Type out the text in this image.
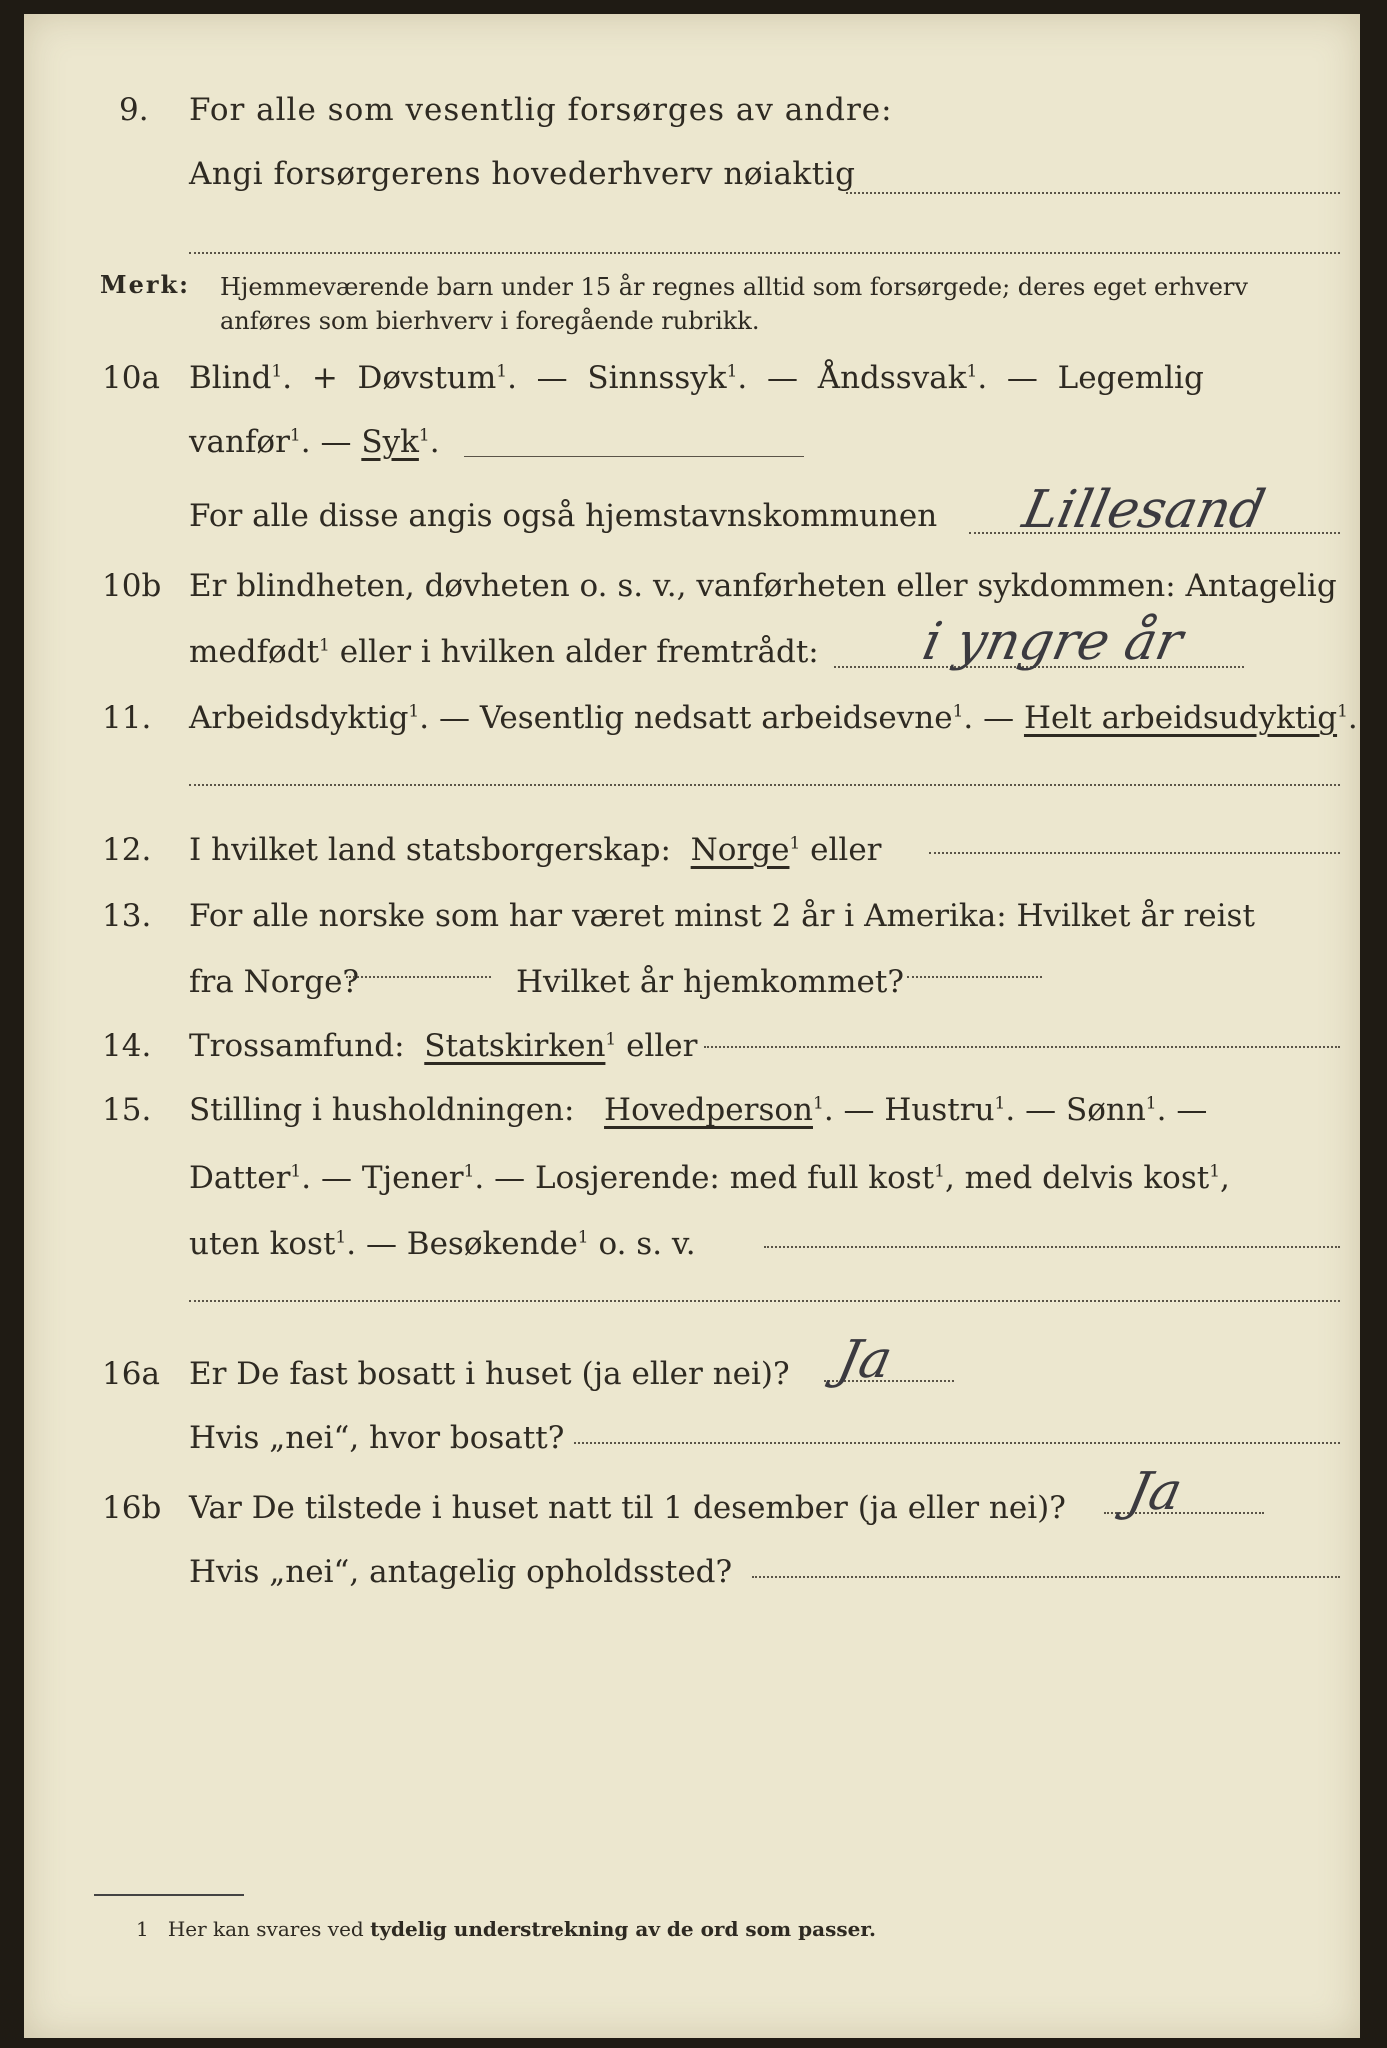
9. For alle som vesentlig forsørges av andre:
Angi forsørgerens hovederhverv nøiaktig
Merk: Hjemmeværende barn under 15 år regnes alltid som forsørgede; deres eget erhverv
anføres som bierhverv i foregående rubrikk.
10a Blind$^1$.  +  Døvstum$^1$.  — Sinnssyk$^1$.  — Åndssvak$^1$.  — Legemlig
vanfør$^1$. — Syk$^1$.
For alle disse angis også hjemstavnskommunen Lillesand
10b Er blindheten, døvheten o. s. v., vanførheten eller sykdommen: Antagelig
medfødt$^1$ eller i hvilken alder fremtrådt: i yngre år
11. Arbeidsdyktig$^1$. — Vesentlig nedsatt arbeidsevne$^1$. — Helt arbeidsudyktig$^1$.
12. I hvilket land statsborgerskap: Norge$^1$ eller
13. For alle norske som har været minst 2 år i Amerika: Hvilket år reist
fra Norge?	Hvilket år hjemkommet?
14. Trossamfund: Statskirken$^1$ eller
15. Stilling i husholdningen: Hovedperson$^1$. — Hustru$^1$. — Sønn$^1$. —
Datter$^1$. — Tjener$^1$. — Losjerende: med full kost$^1$, med delvis kost$^1$,
uten kost$^1$. — Besøkende$^1$ o. s. v.
16a Er De fast bosatt i huset (ja eller nei)? Ja
Hvis „nei“, hvor bosatt?
16b Var De tilstede i huset natt til 1 desember (ja eller nei)? Ja
Hvis „nei“, antagelig opholdssted?
1 Her kan svares ved tydelig understrekning av de ord som passer.
